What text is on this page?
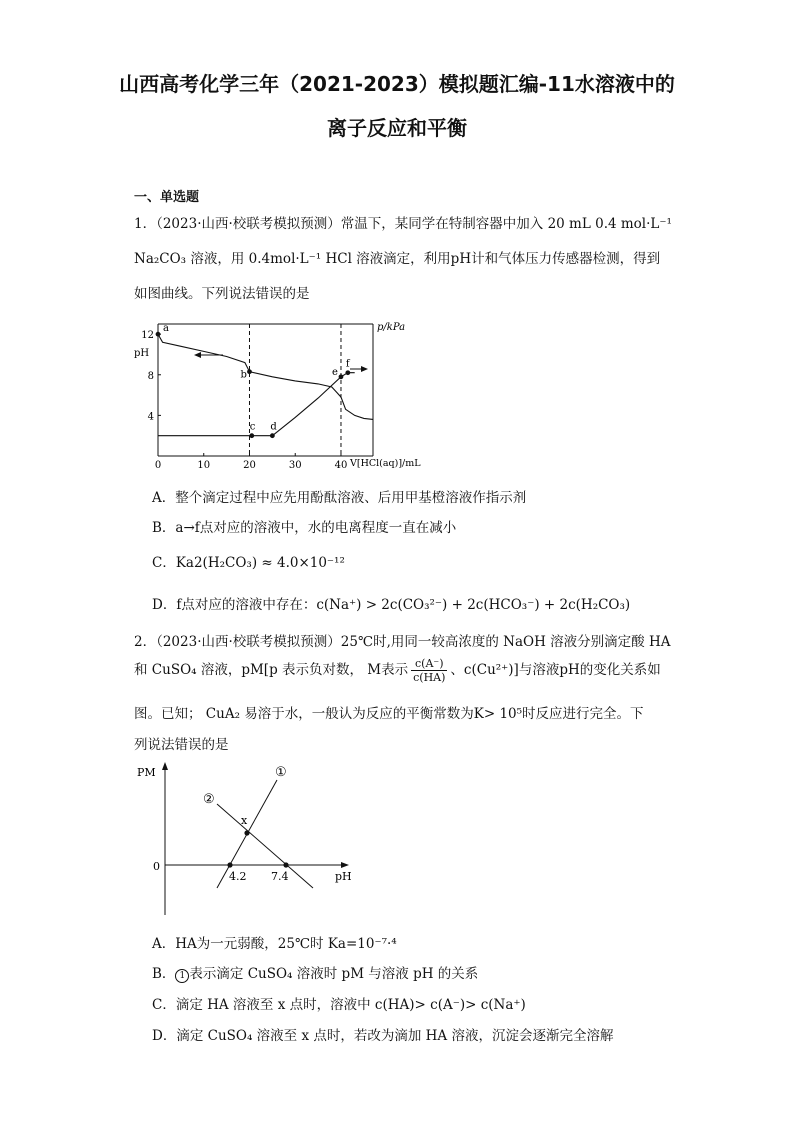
山西高考化学三年（2021-2023）模拟题汇编-11水溶液中的
离子反应和平衡
一、单选题
1．（2023·山西·校联考模拟预测）常温下，某同学在特制容器中加入 20 mL 0.4 mol·L⁻¹
Na₂CO₃ 溶液，用 0.4mol·L⁻¹ HCl 溶液滴定，利用pH计和气体压力传感器检测，得到
如图曲线。下列说法错误的是
0	10	20	30	40
4
8
12
a
b
c d
e
f
pH
p/kPa
V[HCl(aq)]/mL
A．整个滴定过程中应先用酚酞溶液、后用甲基橙溶液作指示剂
B．a→f点对应的溶液中，水的电离程度一直在减小
C．Ka2(H₂CO₃) ≈ 4.0×10⁻¹²
D．f点对应的溶液中存在：c(Na⁺) > 2c(CO₃²⁻) + 2c(HCO₃⁻) + 2c(H₂CO₃)
2．（2023·山西·校联考模拟预测）25℃时,用同一较高浓度的 NaOH 溶液分别滴定酸 HA
和 CuSO₄ 溶液，pM[p 表示负对数， M表示 $\frac{c(A^-)}{c(HA)}$ 、c(Cu²⁺)]与溶液pH的变化关系如
图。已知； CuA₂ 易溶于水，一般认为反应的平衡常数为K> 10⁵时反应进行完全。下
列说法错误的是
PM
pH
0
4.2 7.4
x
①
②
A．HA为一元弱酸，25℃时 Ka=10⁻⁷·⁴
B． 1 表示滴定 CuSO₄ 溶液时 pM 与溶液 pH 的关系
C．滴定 HA 溶液至 x 点时，溶液中 c(HA)> c(A⁻)> c(Na⁺)
D．滴定 CuSO₄ 溶液至 x 点时，若改为滴加 HA 溶液，沉淀会逐渐完全溶解
